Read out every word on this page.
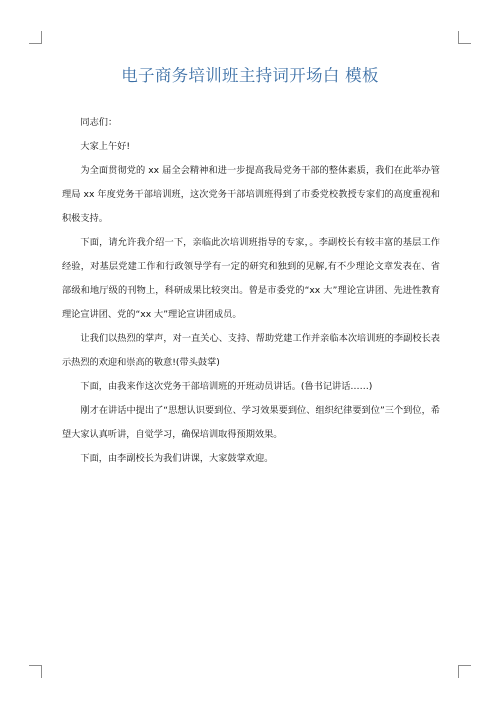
电子商务培训班主持词开场白 模板

同志们：

大家上午好!

为全面贯彻党的 xx 届全会精神和进一步提高我局党务干部的整体素质，我们在此举办管理局 xx 年度党务干部培训班，这次党务干部培训班得到了市委党校教授专家们的高度重视和积极支持。

下面，请允许我介绍一下，亲临此次培训班指导的专家，。李副校长有较丰富的基层工作经验，对基层党建工作和行政领导学有一定的研究和独到的见解,有不少理论文章发表在、省部级和地厅级的刊物上，科研成果比较突出。曾是市委党的“xx 大”理论宣讲团、先进性教育理论宣讲团、党的“xx 大”理论宣讲团成员。

让我们以热烈的掌声，对一直关心、支持、帮助党建工作并亲临本次培训班的李副校长表示热烈的欢迎和崇高的敬意!(带头鼓掌)

下面，由我来作这次党务干部培训班的开班动员讲话。(鲁书记讲话……)

刚才在讲话中提出了“思想认识要到位、学习效果要到位、组织纪律要到位”三个到位，希望大家认真听讲，自觉学习，确保培训取得预期效果。

下面，由李副校长为我们讲课，大家鼓掌欢迎。
